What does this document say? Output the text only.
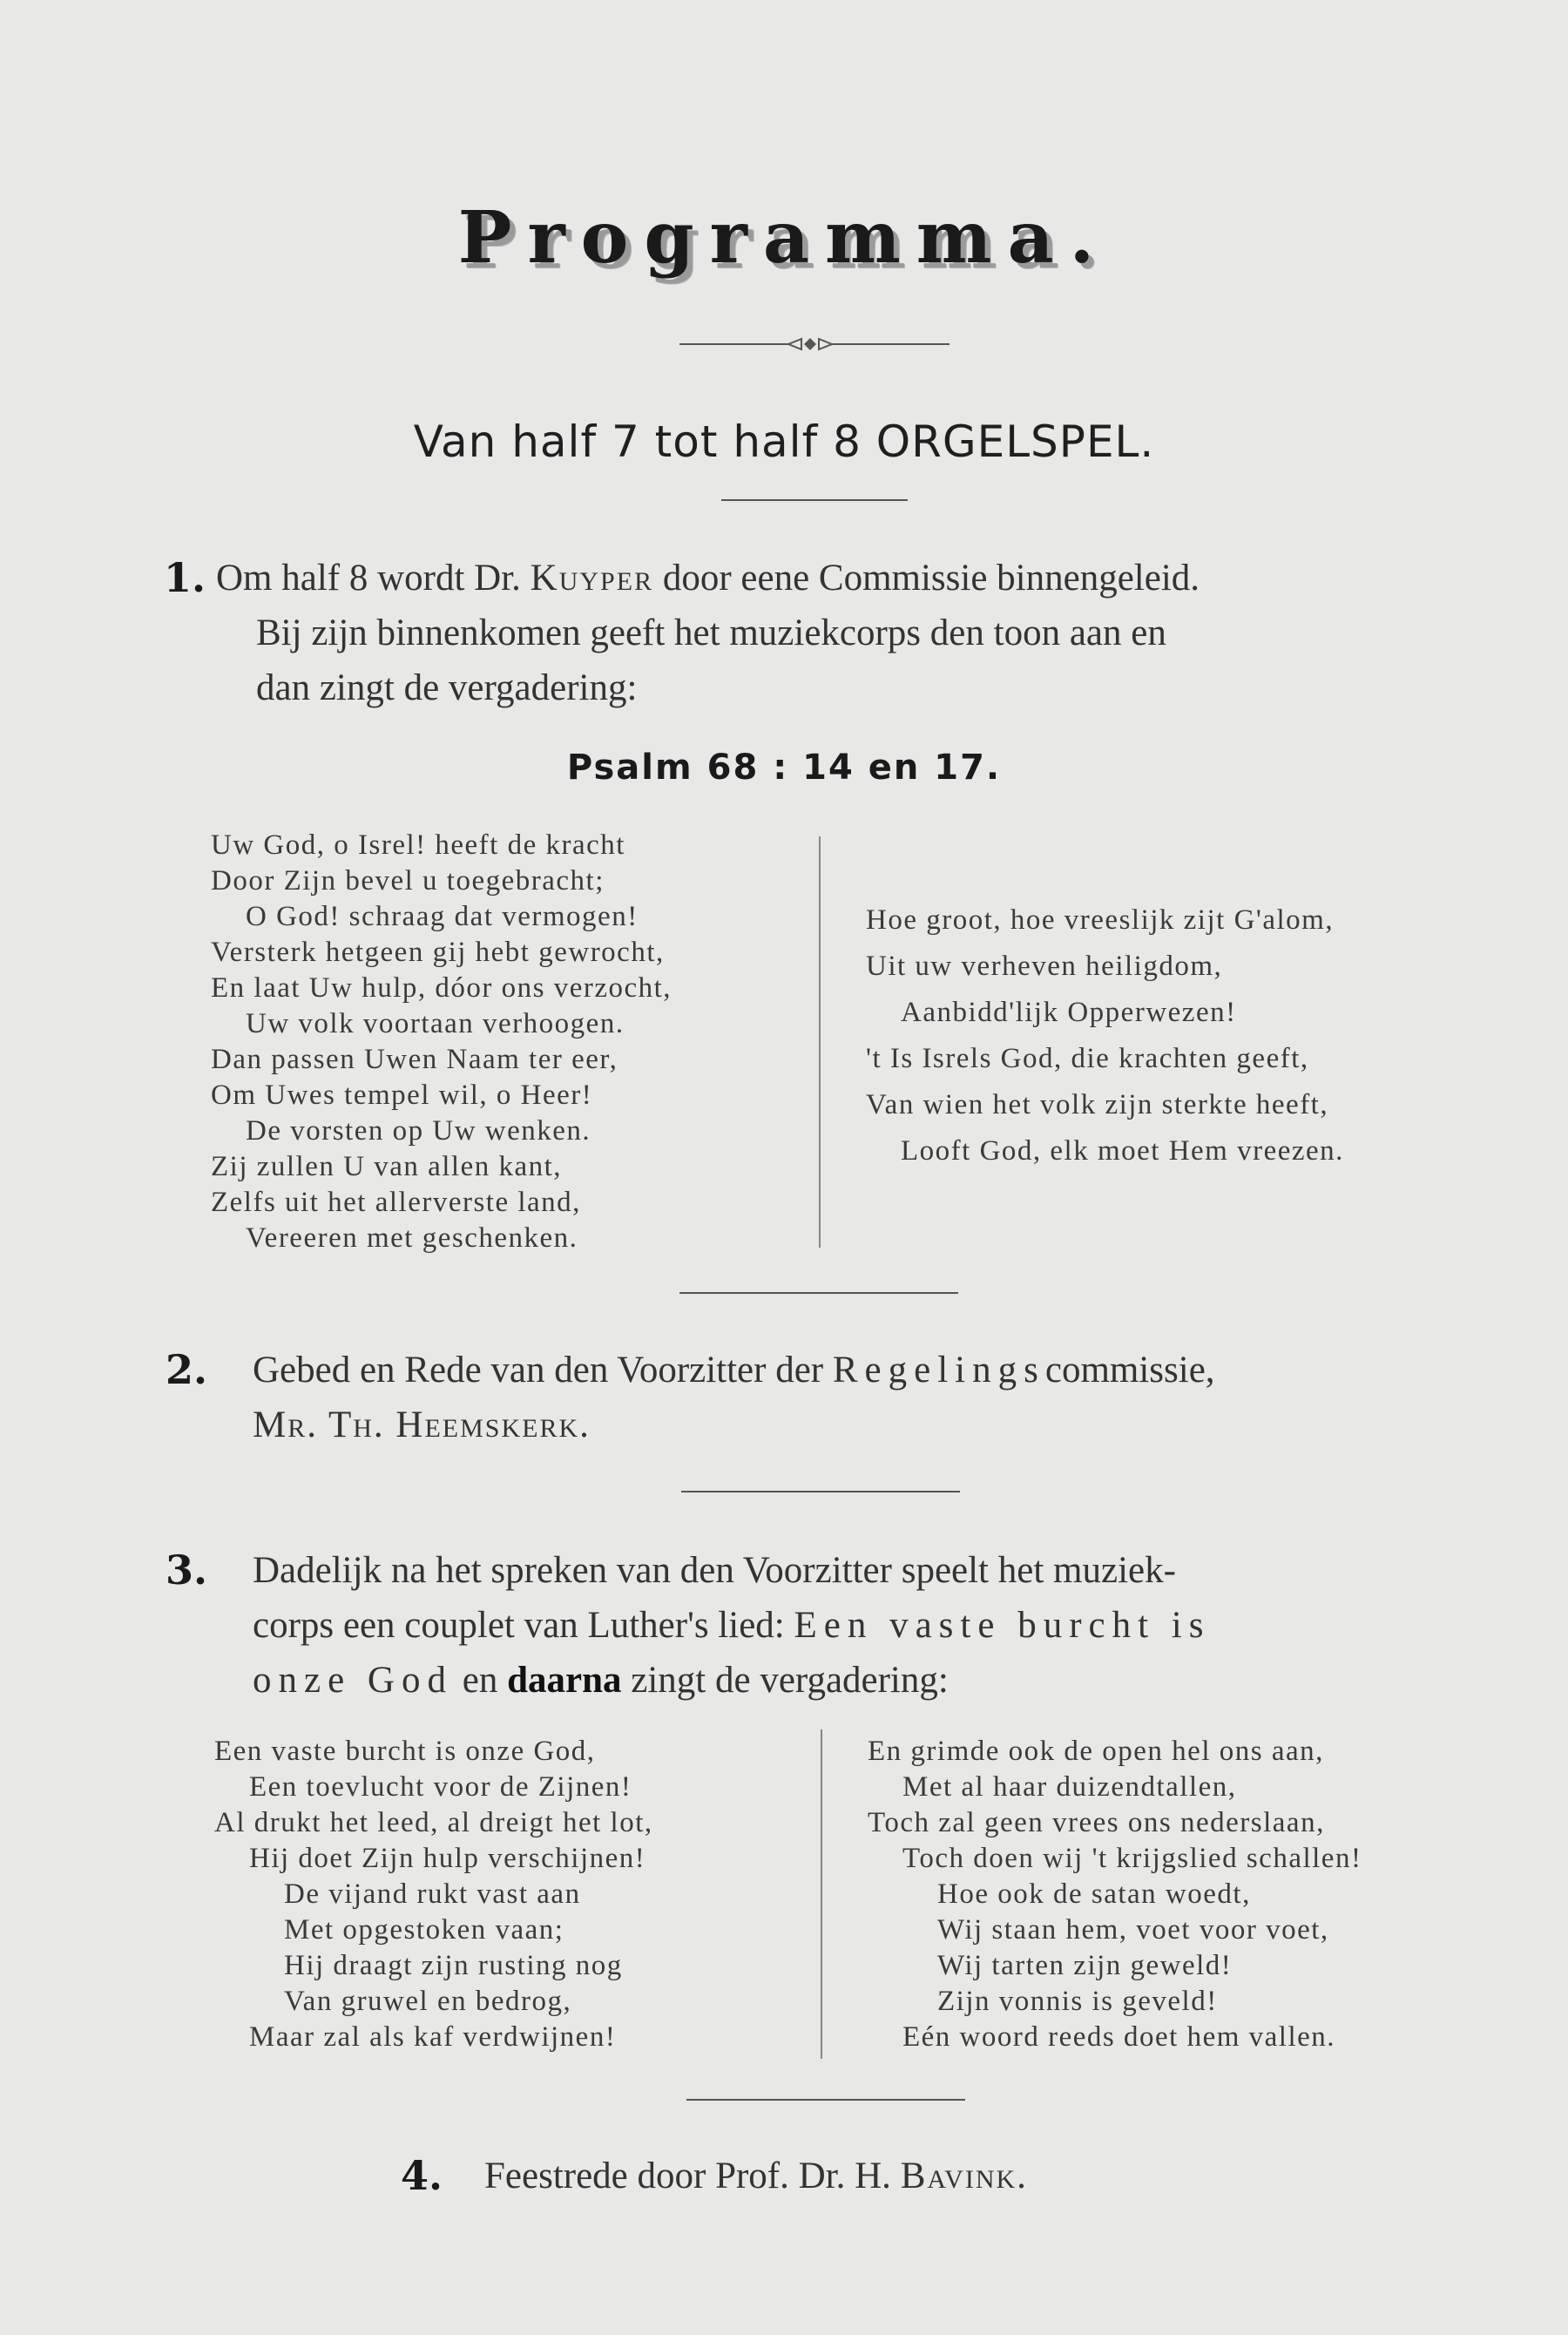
Programma.
Van half 7 tot half 8 ORGELSPEL.
1. Om half 8 wordt Dr. Kuyper door eene Commissie binnengeleid.
Bij zijn binnenkomen geeft het muziekcorps den toon aan en
dan zingt de vergadering:
Psalm 68 : 14 en 17.
Uw God, o Isrel! heeft de kracht
Door Zijn bevel u toegebracht;
O God! schraag dat vermogen!
Versterk hetgeen gij hebt gewrocht,
En laat Uw hulp, dóor ons verzocht,
Uw volk voortaan verhoogen.
Dan passen Uwen Naam ter eer,
Om Uwes tempel wil, o Heer!
De vorsten op Uw wenken.
Zij zullen U van allen kant,
Zelfs uit het allerverste land,
Vereeren met geschenken.
Hoe groot, hoe vreeslijk zijt G'alom,
Uit uw verheven heiligdom,
Aanbidd'lijk Opperwezen!
't Is Isrels God, die krachten geeft,
Van wien het volk zijn sterkte heeft,
Looft God, elk moet Hem vreezen.
2. Gebed en Rede van den Voorzitter der Regelingscommissie,
Mr. Th. Heemskerk.
3. Dadelijk na het spreken van den Voorzitter speelt het muziek-
corps een couplet van Luther's lied: Een vaste burcht is
onze God en daarna zingt de vergadering:
Een vaste burcht is onze God,
Een toevlucht voor de Zijnen!
Al drukt het leed, al dreigt het lot,
Hij doet Zijn hulp verschijnen!
De vijand rukt vast aan
Met opgestoken vaan;
Hij draagt zijn rusting nog
Van gruwel en bedrog,
Maar zal als kaf verdwijnen!
En grimde ook de open hel ons aan,
Met al haar duizendtallen,
Toch zal geen vrees ons nederslaan,
Toch doen wij 't krijgslied schallen!
Hoe ook de satan woedt,
Wij staan hem, voet voor voet,
Wij tarten zijn geweld!
Zijn vonnis is geveld!
Eén woord reeds doet hem vallen.
4. Feestrede door Prof. Dr. H. Bavink.
